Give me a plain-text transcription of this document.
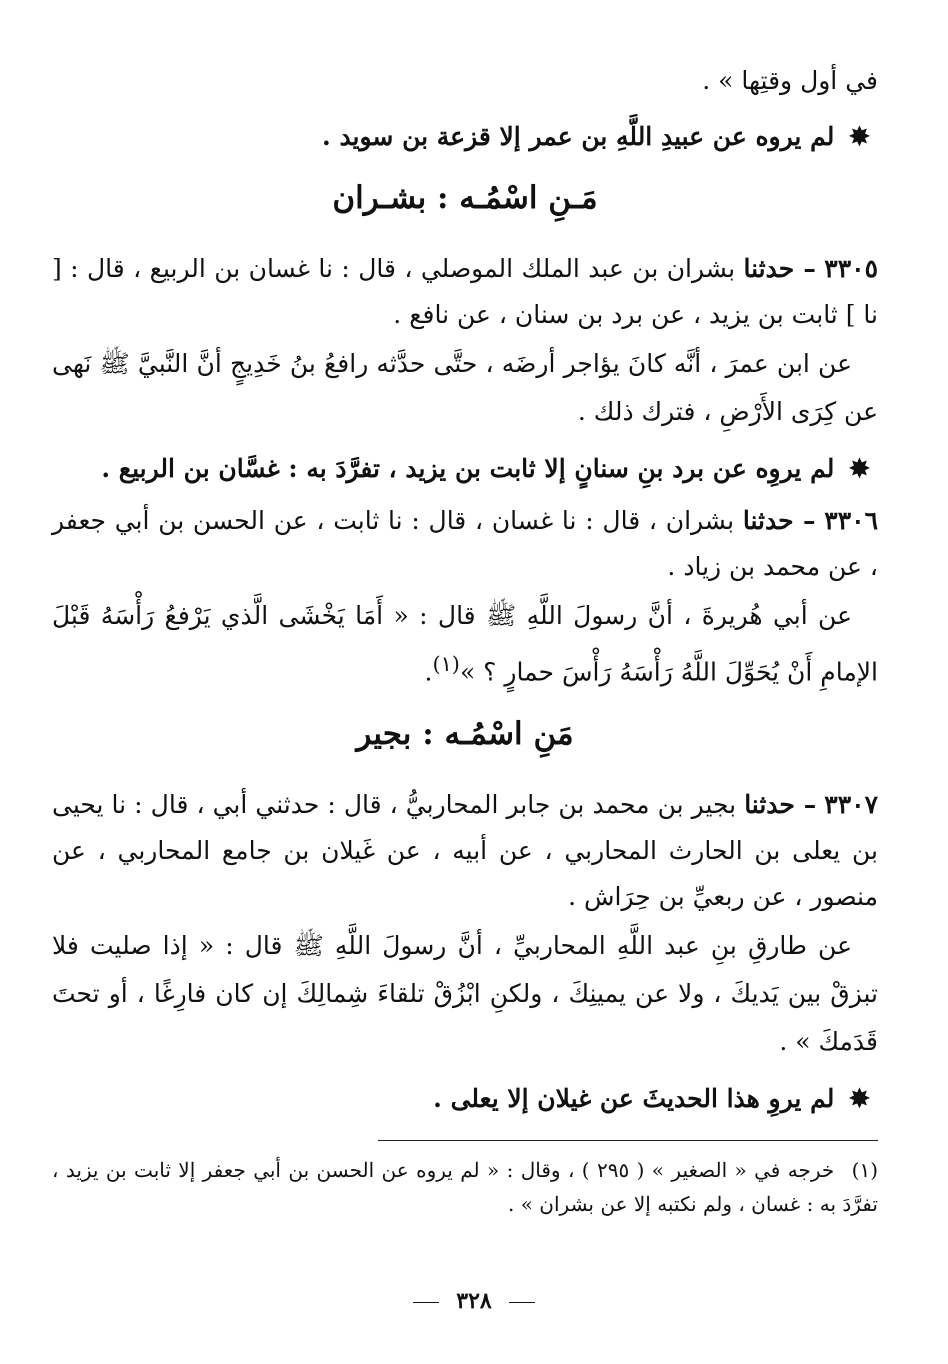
في أول وقتِها » .

✸ لم يروه عن عبيدِ اللَّهِ بن عمر إلا قزعة بن سويد .

مَـنِ اسْمُـه : بشـران

٣٣٠٥ – حدثنا بشران بن عبد الملك الموصلي ، قال : نا غسان بن الربيع ، قال : [ نا ] ثابت بن يزيد ، عن برد بن سنان ، عن نافع .

عن ابن عمرَ ، أنَّه كانَ يؤاجر أرضَه ، حتَّى حدَّثه رافعُ بنُ خَدِيجٍ أنَّ النَّبيَّ ﷺ نَهى عن كِرَى الأَرْضِ ، فترك ذلك .

✸ لم يروِه عن برد بنِ سنانٍ إلا ثابت بن يزيد ، تفرَّدَ به : غسَّان بن الربيع .

٣٣٠٦ – حدثنا بشران ، قال : نا غسان ، قال : نا ثابت ، عن الحسن بن أبي جعفر ، عن محمد بن زياد .

عن أبي هُريرةَ ، أنَّ رسولَ اللَّهِ ﷺ قال : « أَمَا يَخْشَى الَّذي يَرْفعُ رَأْسَهُ قَبْلَ الإمامِ أَنْ يُحَوِّلَ اللَّهُ رَأْسَهُ رَأْسَ حمارٍ ؟ »$^{(١)}$.

مَنِ اسْمُـه : بجير

٣٣٠٧ – حدثنا بجير بن محمد بن جابر المحاربيُّ ، قال : حدثني أبي ، قال : نا يحيى بن يعلى بن الحارث المحاربي ، عن أبيه ، عن غَيلان بن جامع المحاربي ، عن منصور ، عن ربعيِّ بن حِرَاش .

عن طارقِ بنِ عبد اللَّهِ المحاربيِّ ، أنَّ رسولَ اللَّهِ ﷺ قال : « إذا صليت فلا تبزقْ بين يَديكَ ، ولا عن يمينِكَ ، ولكنِ ابْزُقْ تلقاءَ شِمالِكَ إن كان فارِغًا ، أو تحتَ قَدَمكَ » .

✸ لم يروِ هذا الحديثَ عن غيلان إلا يعلى .

(١) خرجه في « الصغير » ( ٢٩٥ ) ، وقال : « لم يروه عن الحسن بن أبي جعفر إلا ثابت بن يزيد ، تفرَّدَ به : غسان ، ولم نكتبه إلا عن بشران » .

٣٢٨
